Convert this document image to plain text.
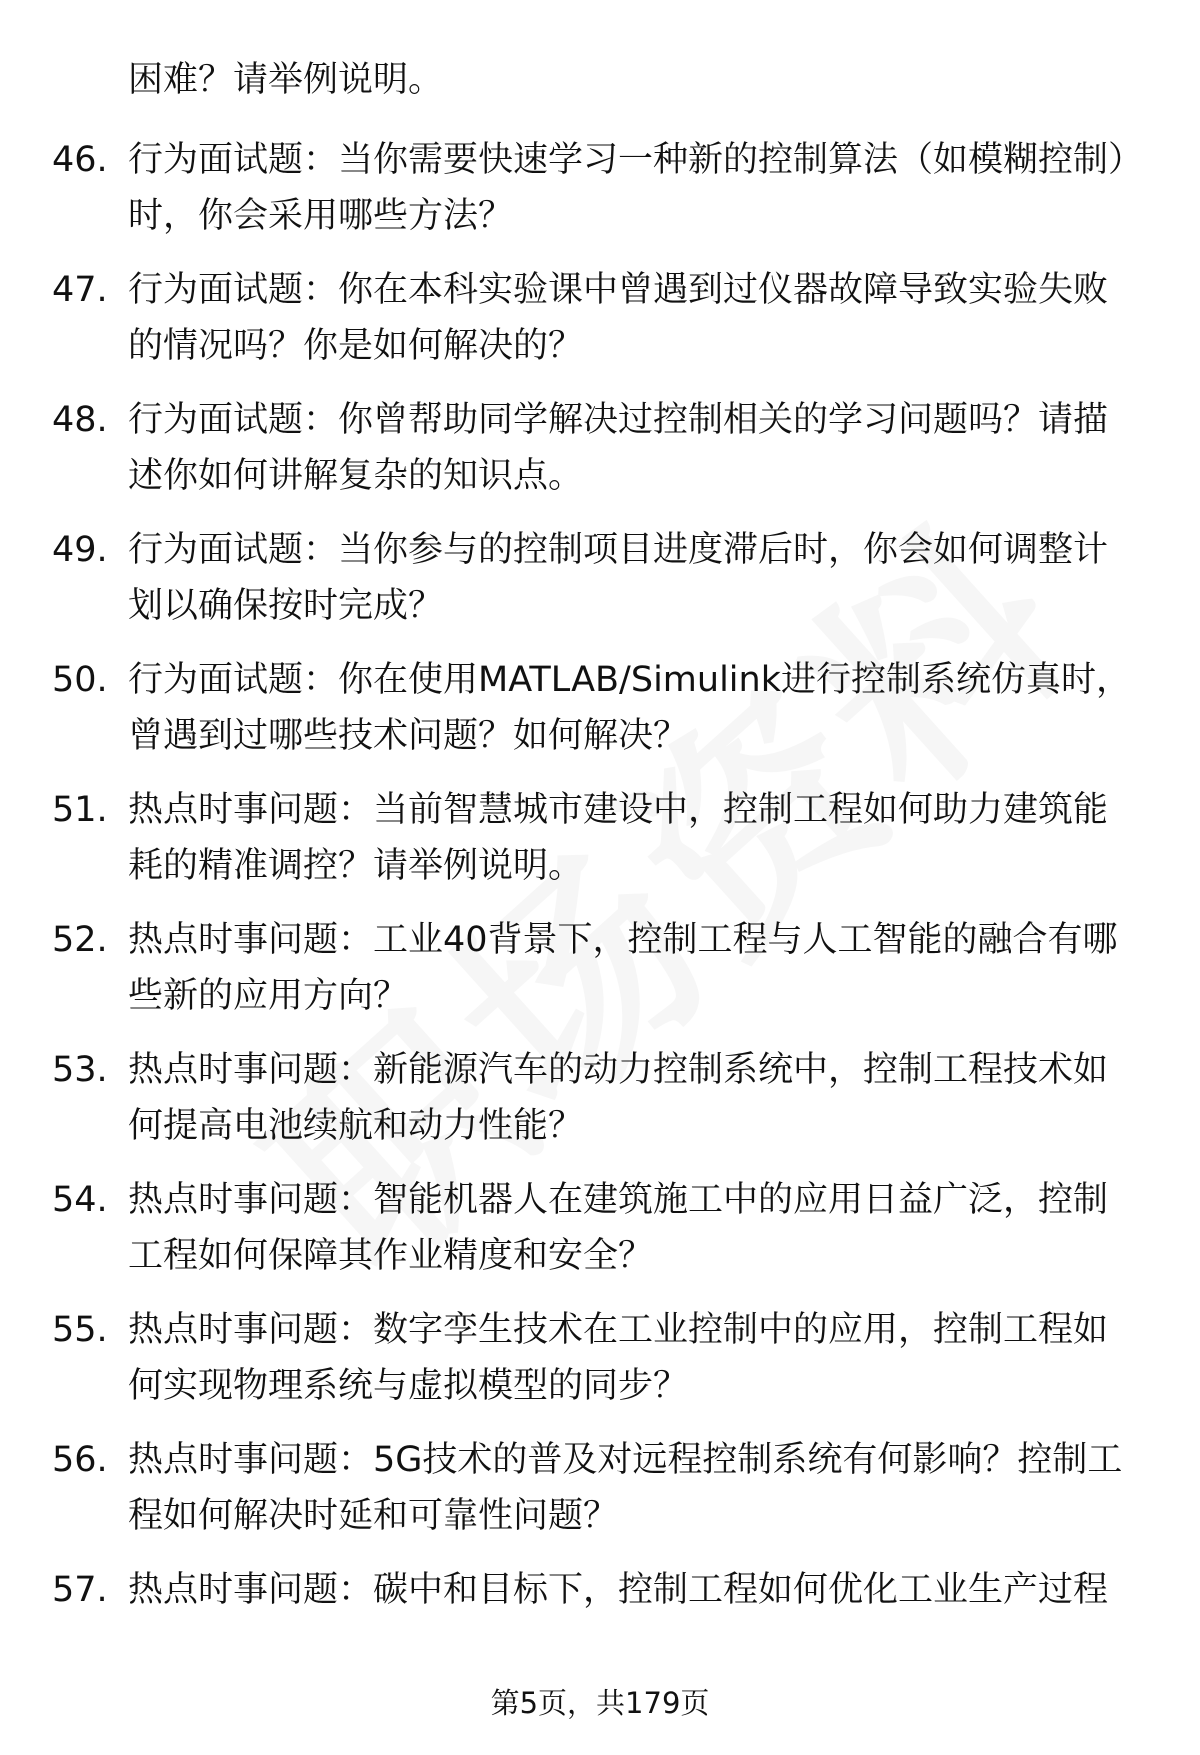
困难？请举例说明。
46. 行为面试题：当你需要快速学习一种新的控制算法（如模糊控制）时，你会采用哪些方法？
47. 行为面试题：你在本科实验课中曾遇到过仪器故障导致实验失败的情况吗？你是如何解决的？
48. 行为面试题：你曾帮助同学解决过控制相关的学习问题吗？请描述你如何讲解复杂的知识点。
49. 行为面试题：当你参与的控制项目进度滞后时，你会如何调整计划以确保按时完成？
50. 行为面试题：你在使用MATLAB/Simulink进行控制系统仿真时，曾遇到过哪些技术问题？如何解决？
51. 热点时事问题：当前智慧城市建设中，控制工程如何助力建筑能耗的精准调控？请举例说明。
52. 热点时事问题：工业40背景下，控制工程与人工智能的融合有哪些新的应用方向？
53. 热点时事问题：新能源汽车的动力控制系统中，控制工程技术如何提高电池续航和动力性能？
54. 热点时事问题：智能机器人在建筑施工中的应用日益广泛，控制工程如何保障其作业精度和安全？
55. 热点时事问题：数字孪生技术在工业控制中的应用，控制工程如何实现物理系统与虚拟模型的同步？
56. 热点时事问题：5G技术的普及对远程控制系统有何影响？控制工程如何解决时延和可靠性问题？
57. 热点时事问题：碳中和目标下，控制工程如何优化工业生产过程
第5页，共179页
